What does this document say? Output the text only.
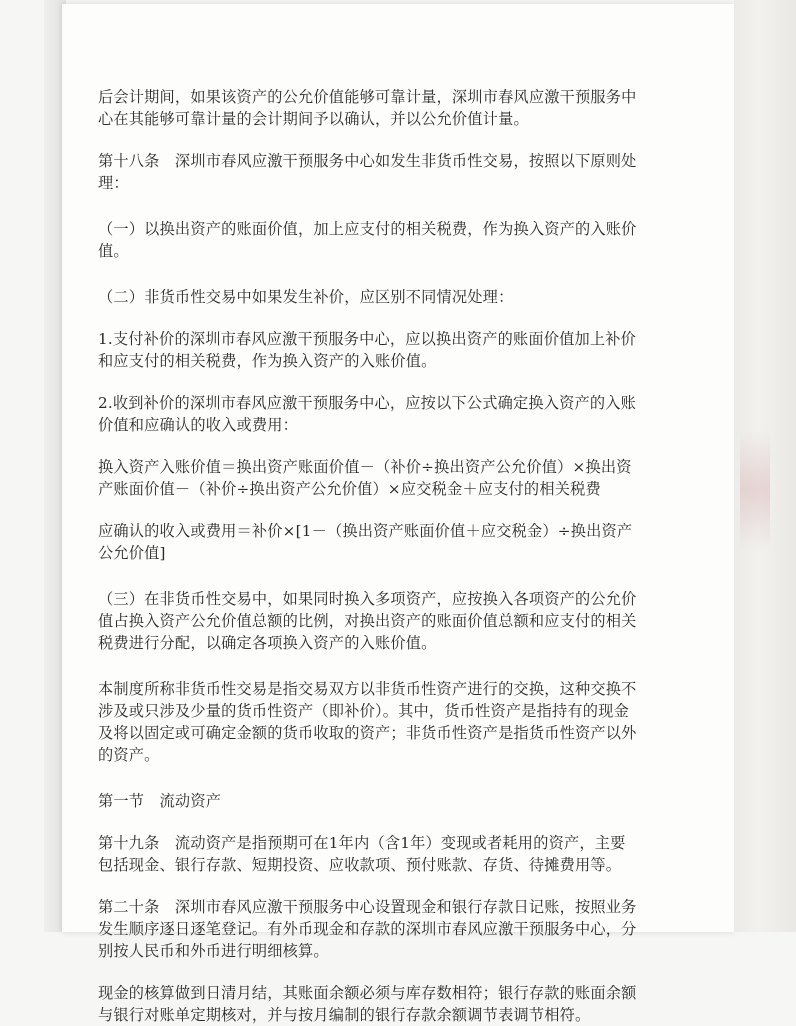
后会计期间，如果该资产的公允价值能够可靠计量，深圳市春风应激干预服务中心在其能够可靠计量的会计期间予以确认，并以公允价值计量。

第十八条　深圳市春风应激干预服务中心如发生非货币性交易，按照以下原则处理：

（一）以换出资产的账面价值，加上应支付的相关税费，作为换入资产的入账价值。

（二）非货币性交易中如果发生补价，应区别不同情况处理：

1.支付补价的深圳市春风应激干预服务中心，应以换出资产的账面价值加上补价和应支付的相关税费，作为换入资产的入账价值。

2.收到补价的深圳市春风应激干预服务中心，应按以下公式确定换入资产的入账价值和应确认的收入或费用：

换入资产入账价值＝换出资产账面价值－（补价÷换出资产公允价值）×换出资产账面价值－（补价÷换出资产公允价值）×应交税金＋应支付的相关税费

应确认的收入或费用＝补价×[1－（换出资产账面价值＋应交税金）÷换出资产公允价值]

（三）在非货币性交易中，如果同时换入多项资产，应按换入各项资产的公允价值占换入资产公允价值总额的比例，对换出资产的账面价值总额和应支付的相关税费进行分配，以确定各项换入资产的入账价值。

本制度所称非货币性交易是指交易双方以非货币性资产进行的交换，这种交换不涉及或只涉及少量的货币性资产（即补价）。其中，货币性资产是指持有的现金及将以固定或可确定金额的货币收取的资产；非货币性资产是指货币性资产以外的资产。

第一节　流动资产

第十九条　流动资产是指预期可在1年内（含1年）变现或者耗用的资产，主要包括现金、银行存款、短期投资、应收款项、预付账款、存货、待摊费用等。

第二十条　深圳市春风应激干预服务中心设置现金和银行存款日记账，按照业务发生顺序逐日逐笔登记。有外币现金和存款的深圳市春风应激干预服务中心，分别按人民币和外币进行明细核算。

现金的核算做到日清月结，其账面余额必须与库存数相符；银行存款的账面余额与银行对账单定期核对，并与按月编制的银行存款余额调节表调节相符。
